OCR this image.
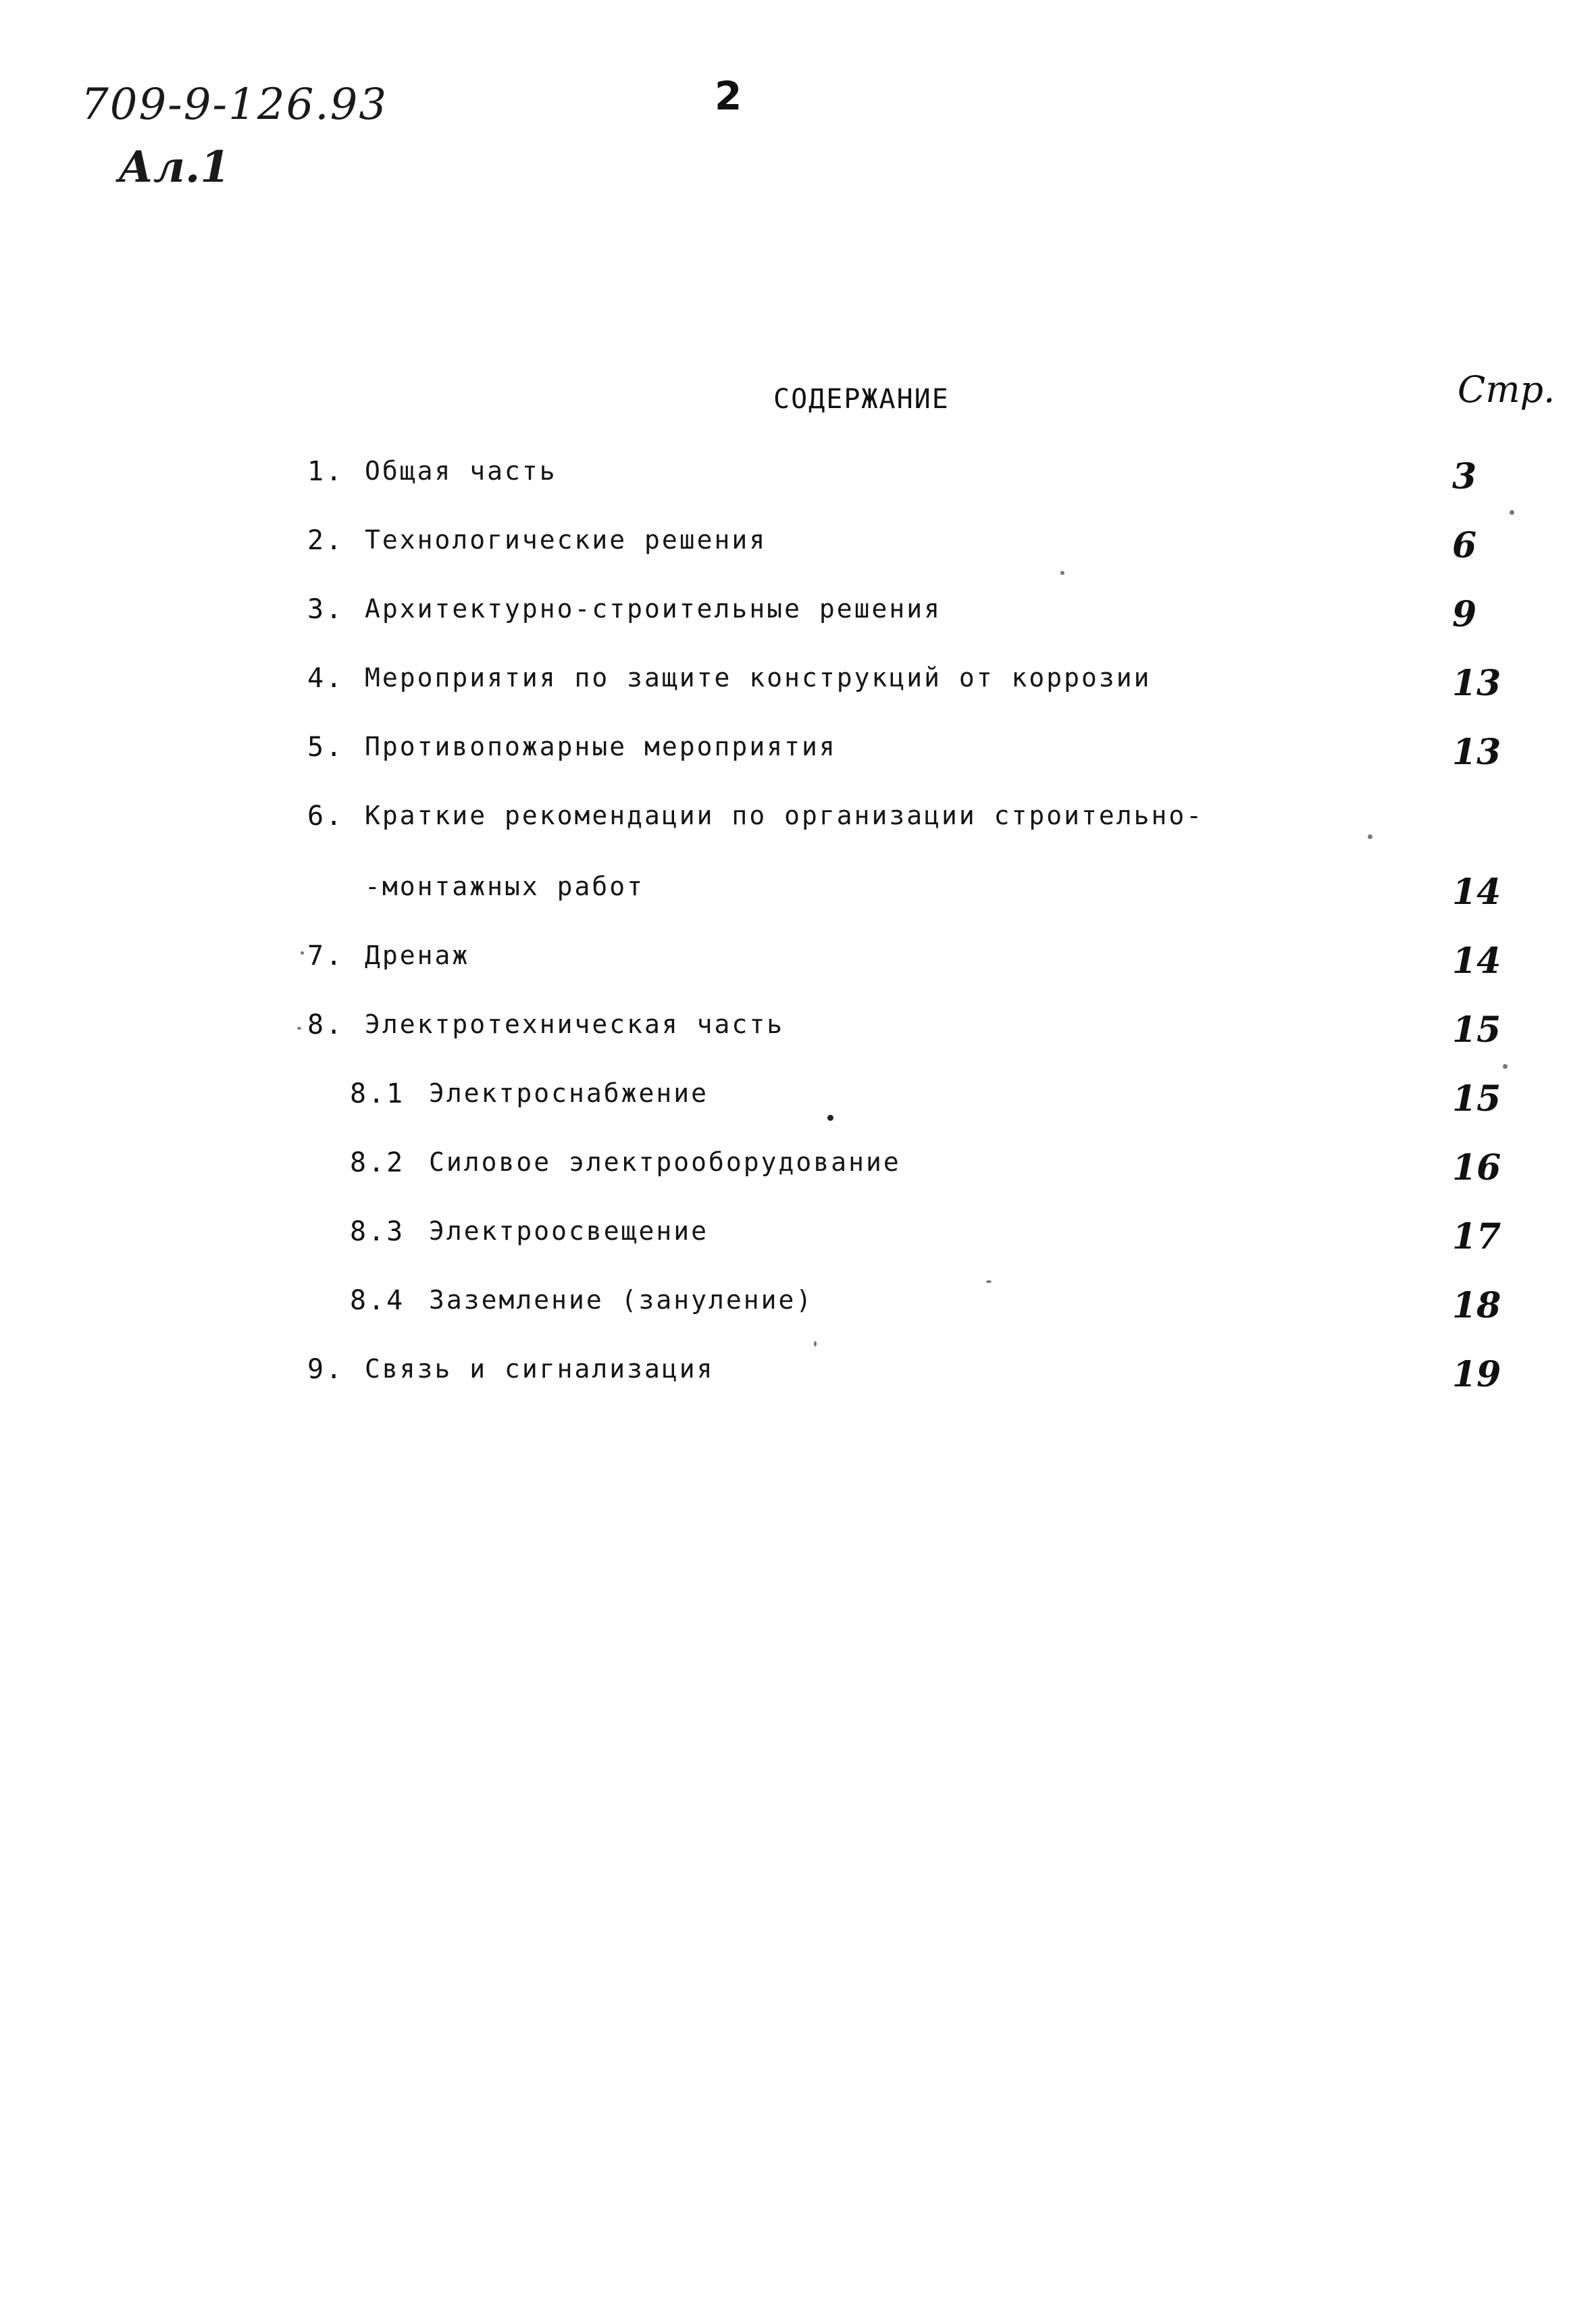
709-9-126.93
Ал.1
2
СОДЕРЖАНИЕ	Стр.
1. Общая часть	3
2. Технологические решения	6
3. Архитектурно-строительные решения	9
4. Мероприятия по защите конструкций от коррозии	13
5. Противопожарные мероприятия	13
6. Краткие рекомендации по организации строительно-
-монтажных работ	14
7. Дренаж	14
8. Электротехническая часть	15
8.1 Электроснабжение	15
8.2 Силовое электрооборудование	16
8.3 Электроосвещение	17
8.4 Заземление (зануление)	18
9. Связь и сигнализация	19
